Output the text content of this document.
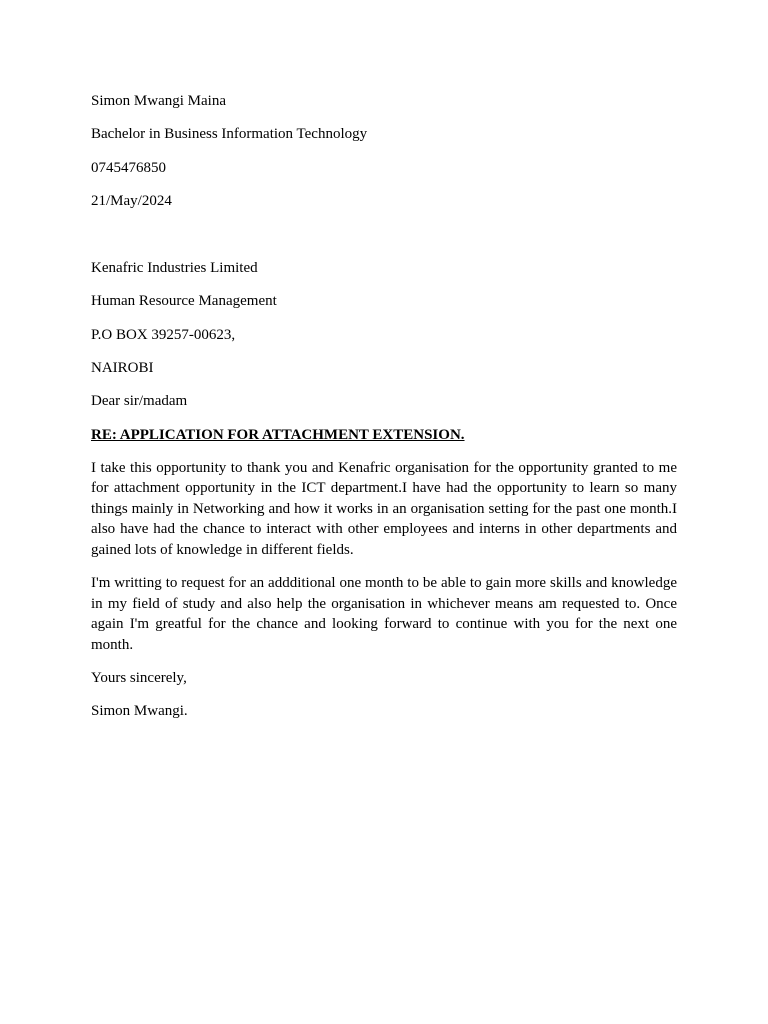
Simon Mwangi Maina
Bachelor in Business Information Technology
0745476850
21/May/2024
Kenafric Industries Limited
Human Resource Management
P.O BOX 39257-00623,
NAIROBI
Dear sir/madam
RE: APPLICATION FOR ATTACHMENT EXTENSION.

I take this opportunity to thank you and Kenafric organisation for the opportunity granted to me for attachment opportunity in the ICT department.I have had the opportunity to learn so many things mainly in Networking and how it works in an organisation setting for the past one month.I also have had the chance to interact with other employees and interns in other departments and gained lots of knowledge in different fields.

I'm writting to request for an addditional one month to be able to gain more skills and knowledge in my field of study and also help the organisation in whichever means am requested to. Once again I'm greatful for the chance and looking forward to continue with you for the next one month.

Yours sincerely,
Simon Mwangi.
